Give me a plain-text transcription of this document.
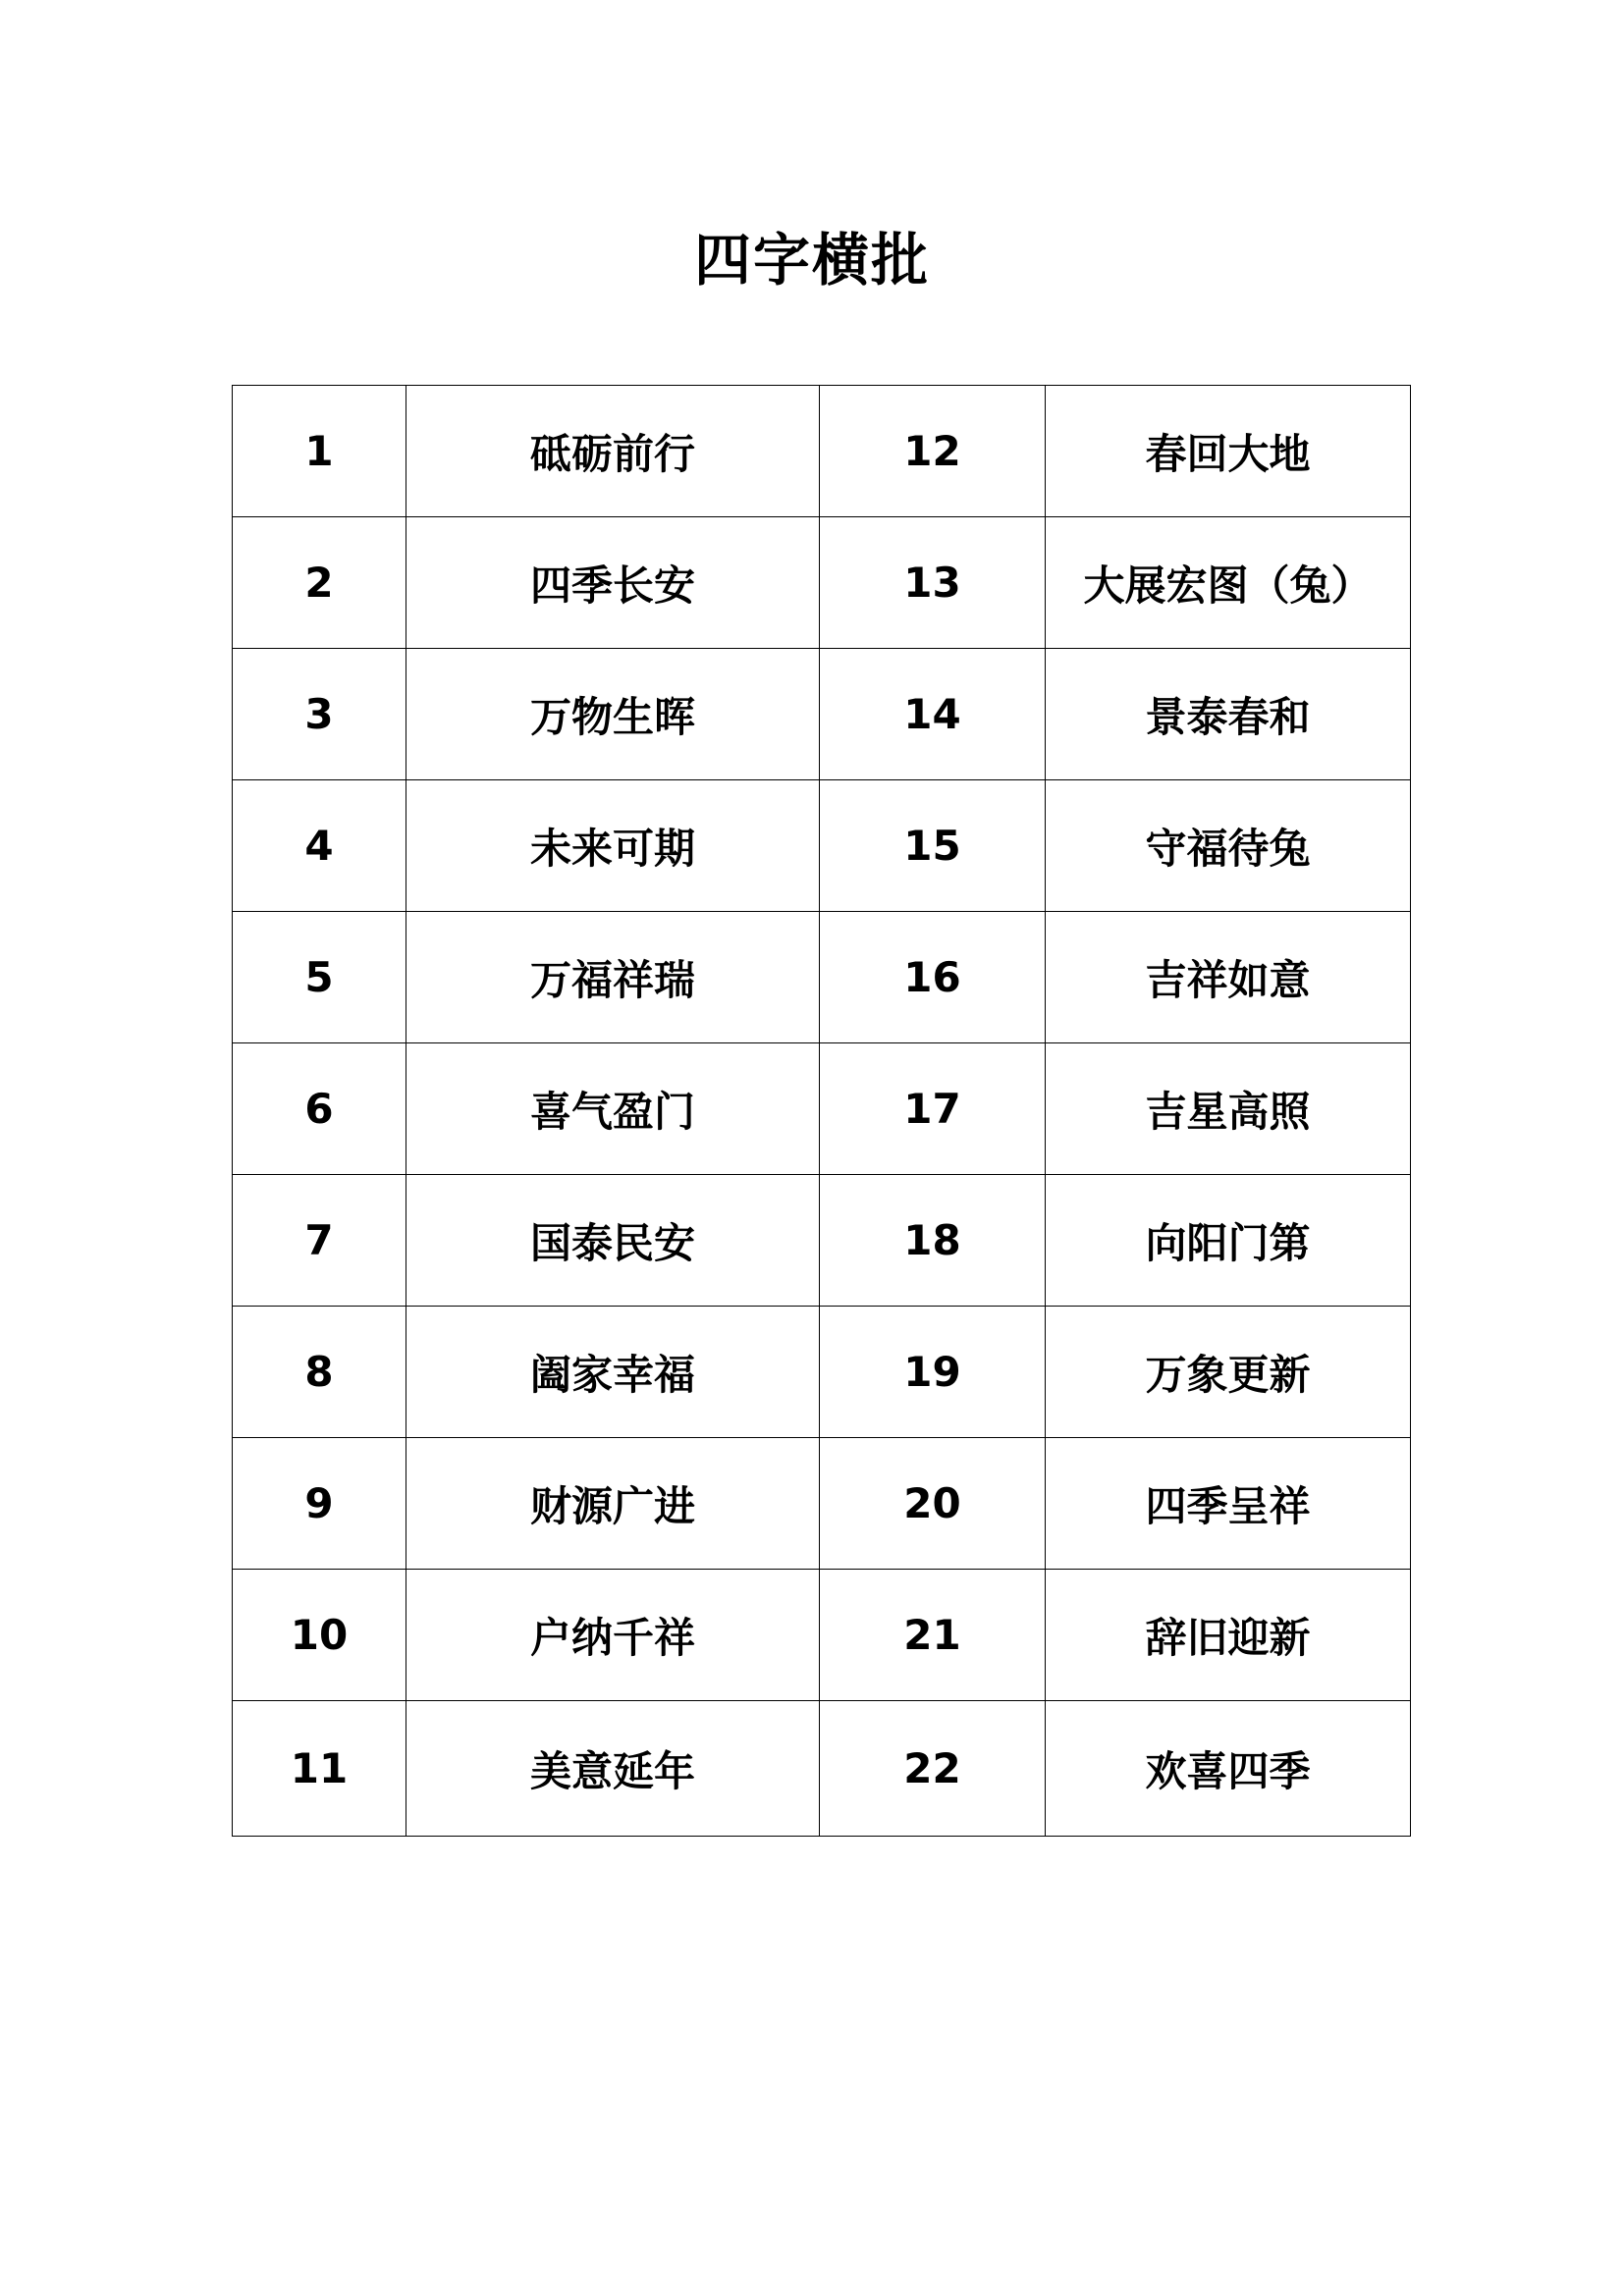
四字横批
1	砥砺前行	12	春回大地
2	四季长安	13	大展宏图（兔）
3	万物生晖	14	景泰春和
4	未来可期	15	守福待兔
5	万福祥瑞	16	吉祥如意
6	喜气盈门	17	吉星高照
7	国泰民安	18	向阳门第
8	阖家幸福	19	万象更新
9	财源广进	20	四季呈祥
10	户纳千祥	21	辞旧迎新
11	美意延年	22	欢喜四季
